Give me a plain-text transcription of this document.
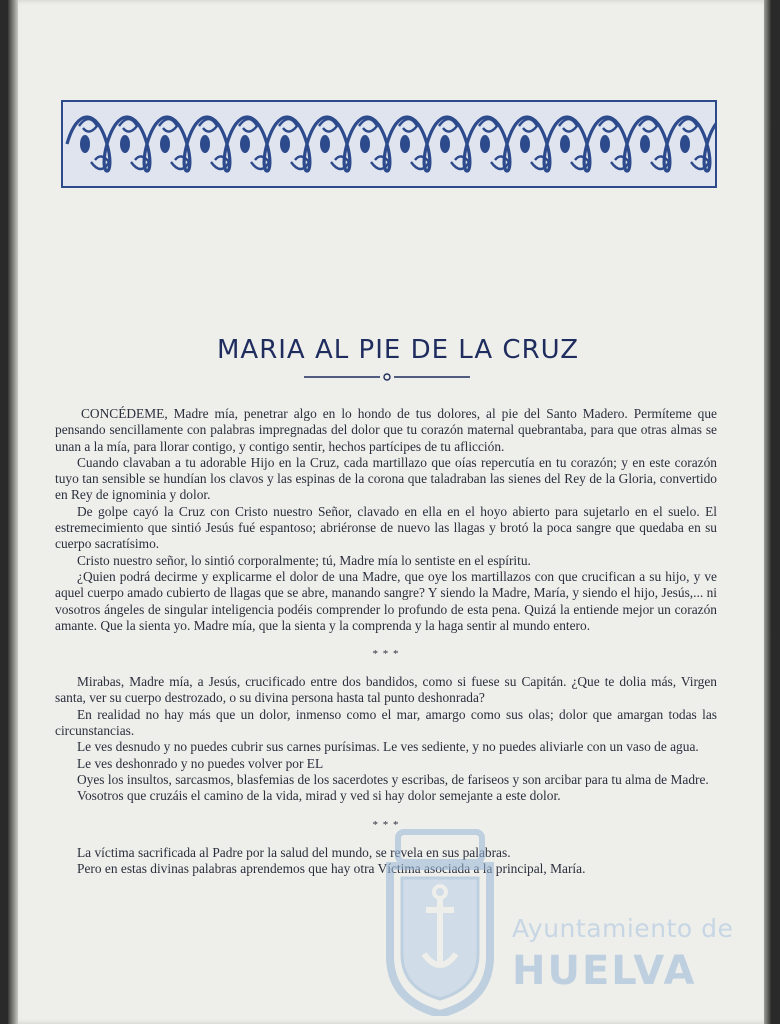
MARIA AL PIE DE LA CRUZ

CONCÉDEME, Madre mía, penetrar algo en lo hondo de tus dolores, al pie del Santo Madero. Permíteme que pensando sencillamente con palabras impregnadas del dolor que tu corazón maternal quebrantaba, para que otras almas se unan a la mía, para llorar contigo, y contigo sentir, hechos partícipes de tu aflicción.

Cuando clavaban a tu adorable Hijo en la Cruz, cada martillazo que oías repercutía en tu corazón; y en este corazón tuyo tan sensible se hundían los clavos y las espinas de la corona que taladraban las sienes del Rey de la Gloria, convertido en Rey de ignominia y dolor.

De golpe cayó la Cruz con Cristo nuestro Señor, clavado en ella en el hoyo abierto para sujetarlo en el suelo. El estremecimiento que sintió Jesús fué espantoso; abriéronse de nuevo las llagas y brotó la poca sangre que quedaba en su cuerpo sacratísimo.

Cristo nuestro señor, lo sintió corporalmente; tú, Madre mía lo sentiste en el espíritu.

¿Quien podrá decirme y explicarme el dolor de una Madre, que oye los martillazos con que crucifican a su hijo, y ve aquel cuerpo amado cubierto de llagas que se abre, manando sangre? Y siendo la Madre, María, y siendo el hijo, Jesús,... ni vosotros ángeles de singular inteligencia podéis comprender lo profundo de esta pena. Quizá la entiende mejor un corazón amante. Que la sienta yo. Madre mía, que la sienta y la comprenda y la haga sentir al mundo entero.

* * *

Mirabas, Madre mía, a Jesús, crucificado entre dos bandidos, como si fuese su Capitán. ¿Que te dolia más, Virgen santa, ver su cuerpo destrozado, o su divina persona hasta tal punto deshonrada?

En realidad no hay más que un dolor, inmenso como el mar, amargo como sus olas; dolor que amargan todas las circunstancias.

Le ves desnudo y no puedes cubrir sus carnes purísimas. Le ves sediente, y no puedes aliviarle con un vaso de agua.

Le ves deshonrado y no puedes volver por EL

Oyes los insultos, sarcasmos, blasfemias de los sacerdotes y escribas, de fariseos y son arcibar para tu alma de Madre.

Vosotros que cruzáis el camino de la vida, mirad y ved si hay dolor semejante a este dolor.

* * *

La víctima sacrificada al Padre por la salud del mundo, se revela en sus palabras.

Pero en estas divinas palabras aprendemos que hay otra Víctima asociada a la principal, María.

Ayuntamiento de
HUELVA
